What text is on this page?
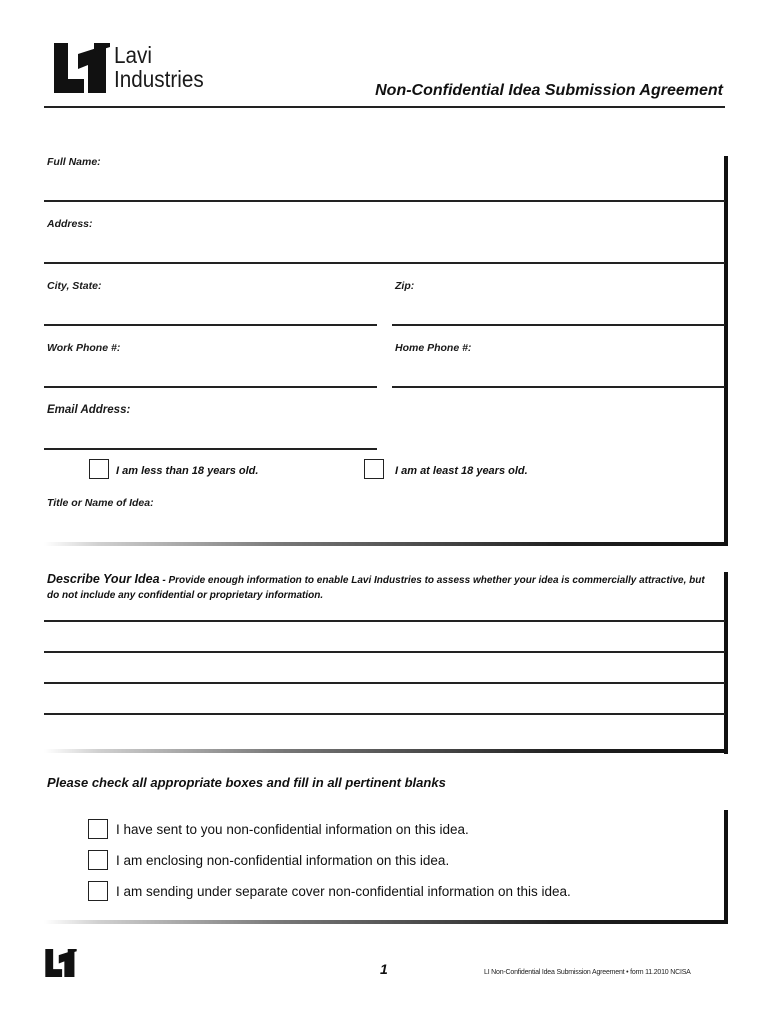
Lavi
Industries	Non-Confidential Idea Submission Agreement
Full Name:
Address:
City, State:	Zip:
Work Phone #:	Home Phone #:
Email Address:
I am less than 18 years old.	I am at least 18 years old.
Title or Name of Idea:
Describe Your Idea - Provide enough information to enable Lavi Industries to assess whether your idea is commercially attractive, but do not include any confidential or proprietary information.
Please check all appropriate boxes and fill in all pertinent blanks
I have sent to you non-confidential information on this idea.
I am enclosing non-confidential information on this idea.
I am sending under separate cover non-confidential information on this idea.
1	LI Non-Confidential Idea Submission Agreement • form 11.2010 NCISA
